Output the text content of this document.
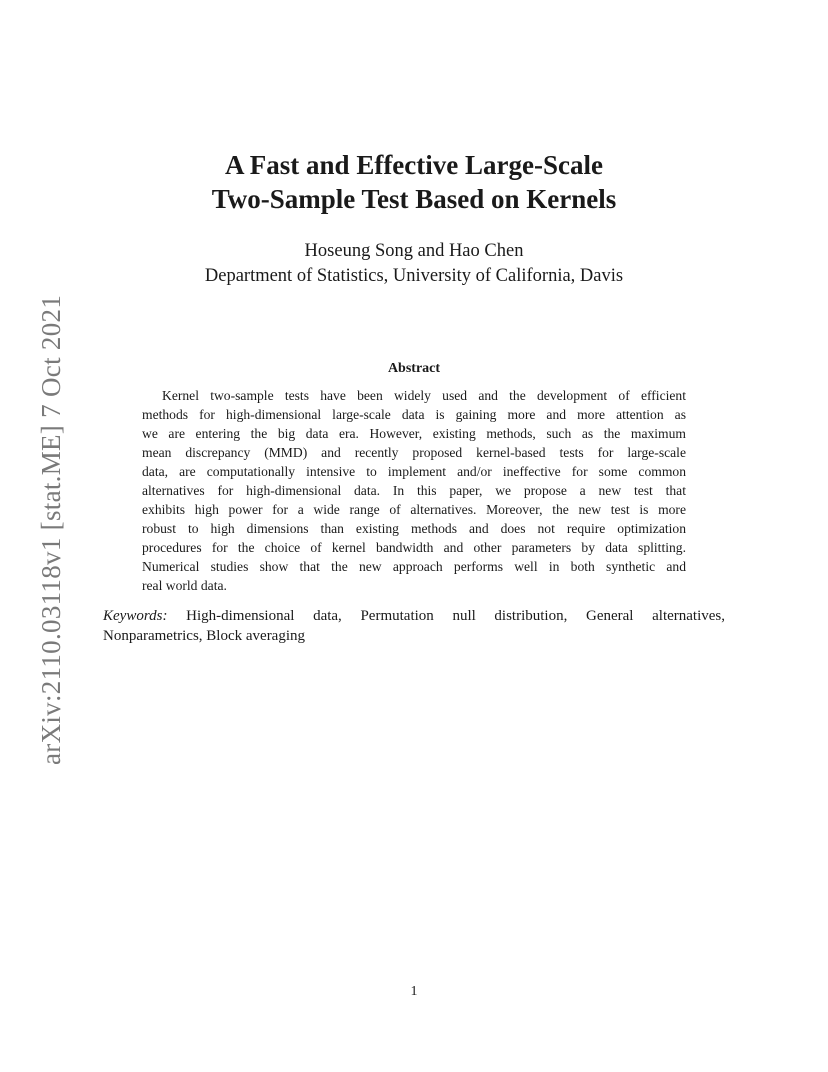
arXiv:2110.03118v1 [stat.ME] 7 Oct 2021
A Fast and Effective Large-Scale
Two-Sample Test Based on Kernels
Hoseung Song and Hao Chen
Department of Statistics, University of California, Davis
Abstract
Kernel two-sample tests have been widely used and the development of efficient
methods for high-dimensional large-scale data is gaining more and more attention as
we are entering the big data era. However, existing methods, such as the maximum
mean discrepancy (MMD) and recently proposed kernel-based tests for large-scale
data, are computationally intensive to implement and/or ineffective for some common
alternatives for high-dimensional data. In this paper, we propose a new test that
exhibits high power for a wide range of alternatives. Moreover, the new test is more
robust to high dimensions than existing methods and does not require optimization
procedures for the choice of kernel bandwidth and other parameters by data splitting.
Numerical studies show that the new approach performs well in both synthetic and
real world data.
Keywords: High-dimensional data, Permutation null distribution, General alternatives,
Nonparametrics, Block averaging
1
